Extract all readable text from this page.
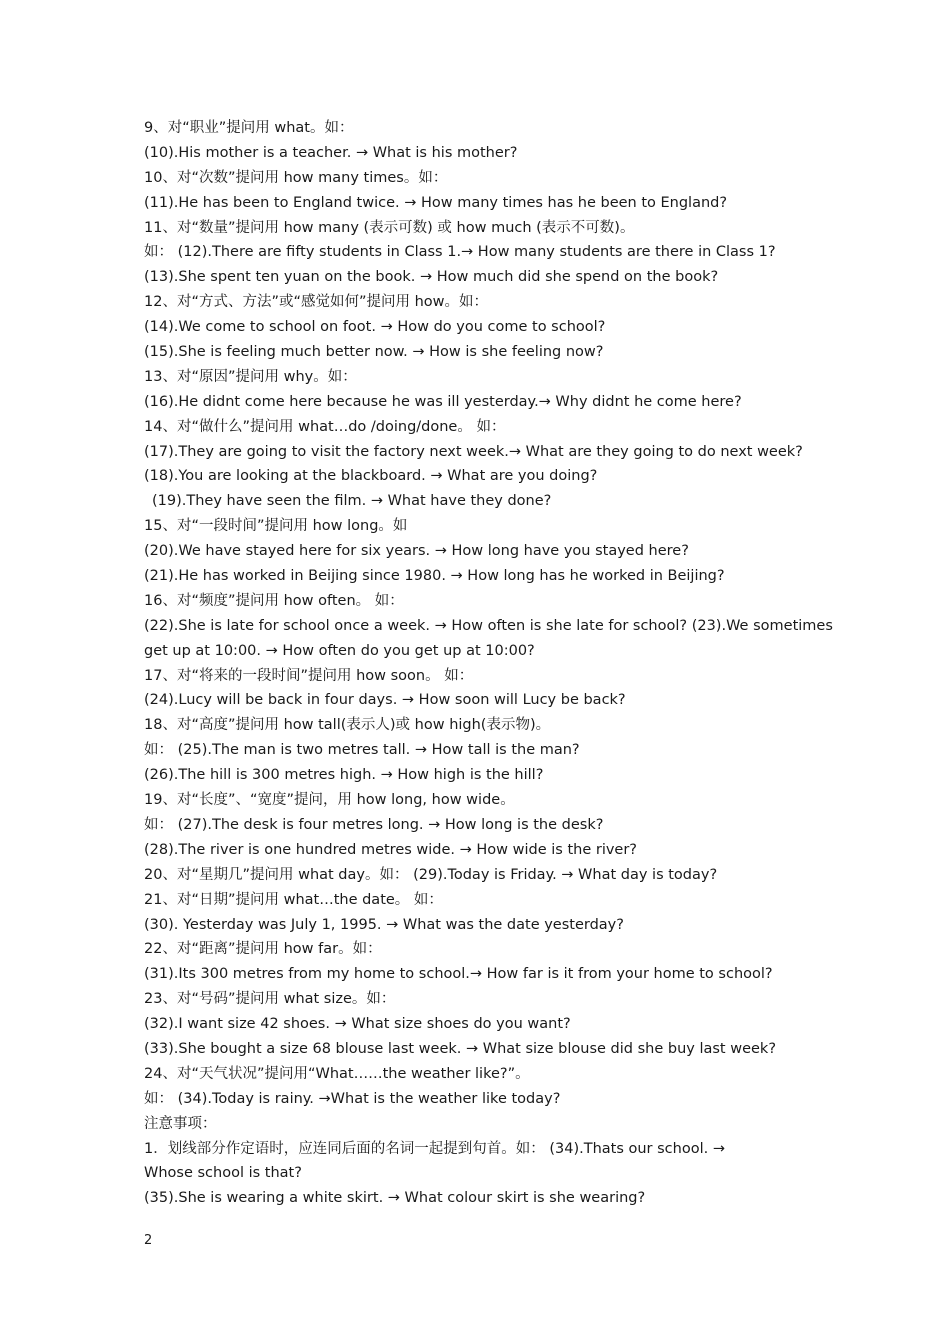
9、对“职业”提问用 what。如：
(10).His mother is a teacher. → What is his mother?
10、对“次数”提问用 how many times。如：
(11).He has been to England twice. → How many times has he been to England?
11、对“数量”提问用 how many (表示可数) 或 how much (表示不可数)。
如： (12).There are fifty students in Class 1.→ How many students are there in Class 1?
(13).She spent ten yuan on the book. → How much did she spend on the book?
12、对“方式、方法”或“感觉如何”提问用 how。如：
(14).We come to school on foot. → How do you come to school?
(15).She is feeling much better now. → How is she feeling now?
13、对“原因”提问用 why。如：
(16).He didnt come here because he was ill yesterday.→ Why didnt he come here?
14、对“做什么”提问用 what…do /doing/done。 如：
(17).They are going to visit the factory next week.→ What are they going to do next week?
(18).You are looking at the blackboard. → What are you doing?
(19).They have seen the film. → What have they done?
15、对“一段时间”提问用 how long。如
(20).We have stayed here for six years. → How long have you stayed here?
(21).He has worked in Beijing since 1980. → How long has he worked in Beijing?
16、对“频度”提问用 how often。 如：
(22).She is late for school once a week. → How often is she late for school? (23).We sometimes
get up at 10:00. → How often do you get up at 10:00?
17、对“将来的一段时间”提问用 how soon。 如：
(24).Lucy will be back in four days. → How soon will Lucy be back?
18、对“高度”提问用 how tall(表示人)或 how high(表示物)。
如： (25).The man is two metres tall. → How tall is the man?
(26).The hill is 300 metres high. → How high is the hill?
19、对“长度”、“宽度”提问，用 how long, how wide。
如： (27).The desk is four metres long. → How long is the desk?
(28).The river is one hundred metres wide. → How wide is the river?
20、对“星期几”提问用 what day。如： (29).Today is Friday. → What day is today?
21、对“日期”提问用 what…the date。 如：
(30). Yesterday was July 1, 1995. → What was the date yesterday?
22、对“距离”提问用 how far。如：
(31).Its 300 metres from my home to school.→ How far is it from your home to school?
23、对“号码”提问用 what size。如：
(32).I want size 42 shoes. → What size shoes do you want?
(33).She bought a size 68 blouse last week. → What size blouse did she buy last week?
24、对“天气状况”提问用“What……the weather like?”。
如： (34).Today is rainy. →What is the weather like today?
注意事项：
1．划线部分作定语时，应连同后面的名词一起提到句首。如： (34).Thats our school. →
Whose school is that?
(35).She is wearing a white skirt. → What colour skirt is she wearing?
2
